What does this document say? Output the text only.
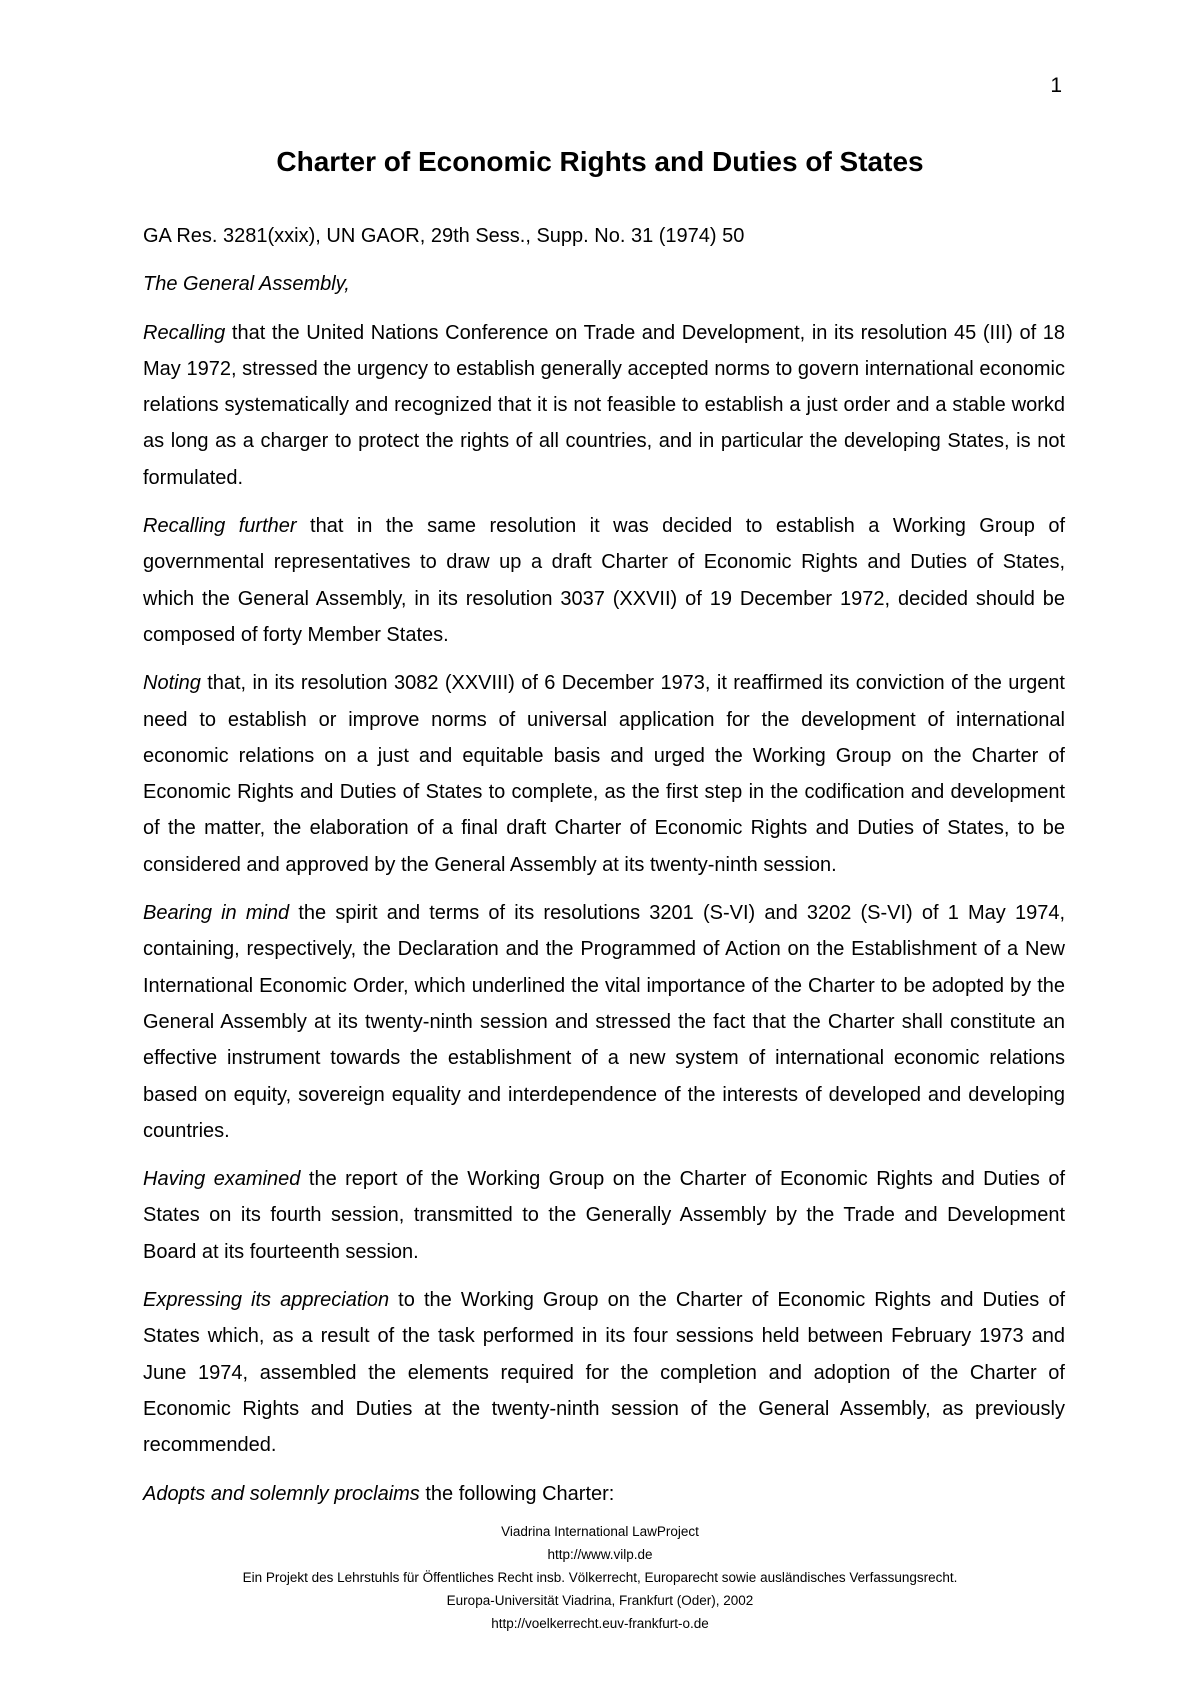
1
Charter of Economic Rights and Duties of States

GA Res. 3281(xxix), UN GAOR, 29th Sess., Supp. No. 31 (1974) 50

The General Assembly,

Recalling that the United Nations Conference on Trade and Development, in its resolution 45 (III) of 18 May 1972, stressed the urgency to establish generally accepted norms to govern international economic relations systematically and recognized that it is not feasible to establish a just order and a stable workd as long as a charger to protect the rights of all countries, and in particular the developing States, is not formulated.

Recalling further that in the same resolution it was decided to establish a Working Group of governmental representatives to draw up a draft Charter of Economic Rights and Duties of States, which the General Assembly, in its resolution 3037 (XXVII) of 19 December 1972, decided should be composed of forty Member States.

Noting that, in its resolution 3082 (XXVIII) of 6 December 1973, it reaffirmed its conviction of the urgent need to establish or improve norms of universal application for the development of international economic relations on a just and equitable basis and urged the Working Group on the Charter of Economic Rights and Duties of States to complete, as the first step in the codification and development of the matter, the elaboration of a final draft Charter of Economic Rights and Duties of States, to be considered and approved by the General Assembly at its twenty-ninth session.

Bearing in mind the spirit and terms of its resolutions 3201 (S-VI) and 3202 (S-VI) of 1 May 1974, containing, respectively, the Declaration and the Programmed of Action on the Establishment of a New International Economic Order, which underlined the vital importance of the Charter to be adopted by the General Assembly at its twenty-ninth session and stressed the fact that the Charter shall constitute an effective instrument towards the establishment of a new system of international economic relations based on equity, sovereign equality and interdependence of the interests of developed and developing countries.

Having examined the report of the Working Group on the Charter of Economic Rights and Duties of States on its fourth session, transmitted to the Generally Assembly by the Trade and Development Board at its fourteenth session.

Expressing its appreciation to the Working Group on the Charter of Economic Rights and Duties of States which, as a result of the task performed in its four sessions held between February 1973 and June 1974, assembled the elements required for the completion and adoption of the Charter of Economic Rights and Duties at the twenty-ninth session of the General Assembly, as previously recommended.

Adopts and solemnly proclaims the following Charter:

Viadrina International LawProject
http://www.vilp.de
Ein Projekt des Lehrstuhls für Öffentliches Recht insb. Völkerrecht, Europarecht sowie ausländisches Verfassungsrecht.
Europa-Universität Viadrina, Frankfurt (Oder), 2002
http://voelkerrecht.euv-frankfurt-o.de
